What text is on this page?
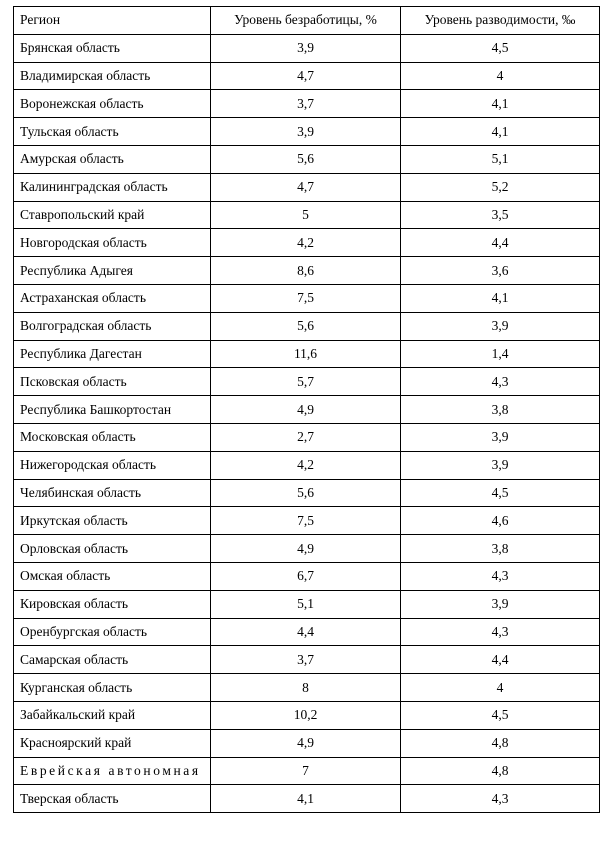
Регион	Уровень безработицы, %	Уровень разводимости, ‰
Брянская область	3,9	4,5
Владимирская область	4,7	4
Воронежская область	3,7	4,1
Тульская область	3,9	4,1
Амурская область	5,6	5,1
Калининградская область	4,7	5,2
Ставропольский край	5	3,5
Новгородская область	4,2	4,4
Республика Адыгея	8,6	3,6
Астраханская область	7,5	4,1
Волгоградская область	5,6	3,9
Республика Дагестан	11,6	1,4
Псковская область	5,7	4,3
Республика Башкортостан	4,9	3,8
Московская область	2,7	3,9
Нижегородская область	4,2	3,9
Челябинская область	5,6	4,5
Иркутская область	7,5	4,6
Орловская область	4,9	3,8
Омская область	6,7	4,3
Кировская область	5,1	3,9
Оренбургская область	4,4	4,3
Самарская область	3,7	4,4
Курганская область	8	4
Забайкальский край	10,2	4,5
Красноярский край	4,9	4,8
Еврейская автономная	7	4,8
Тверская область	4,1	4,3
